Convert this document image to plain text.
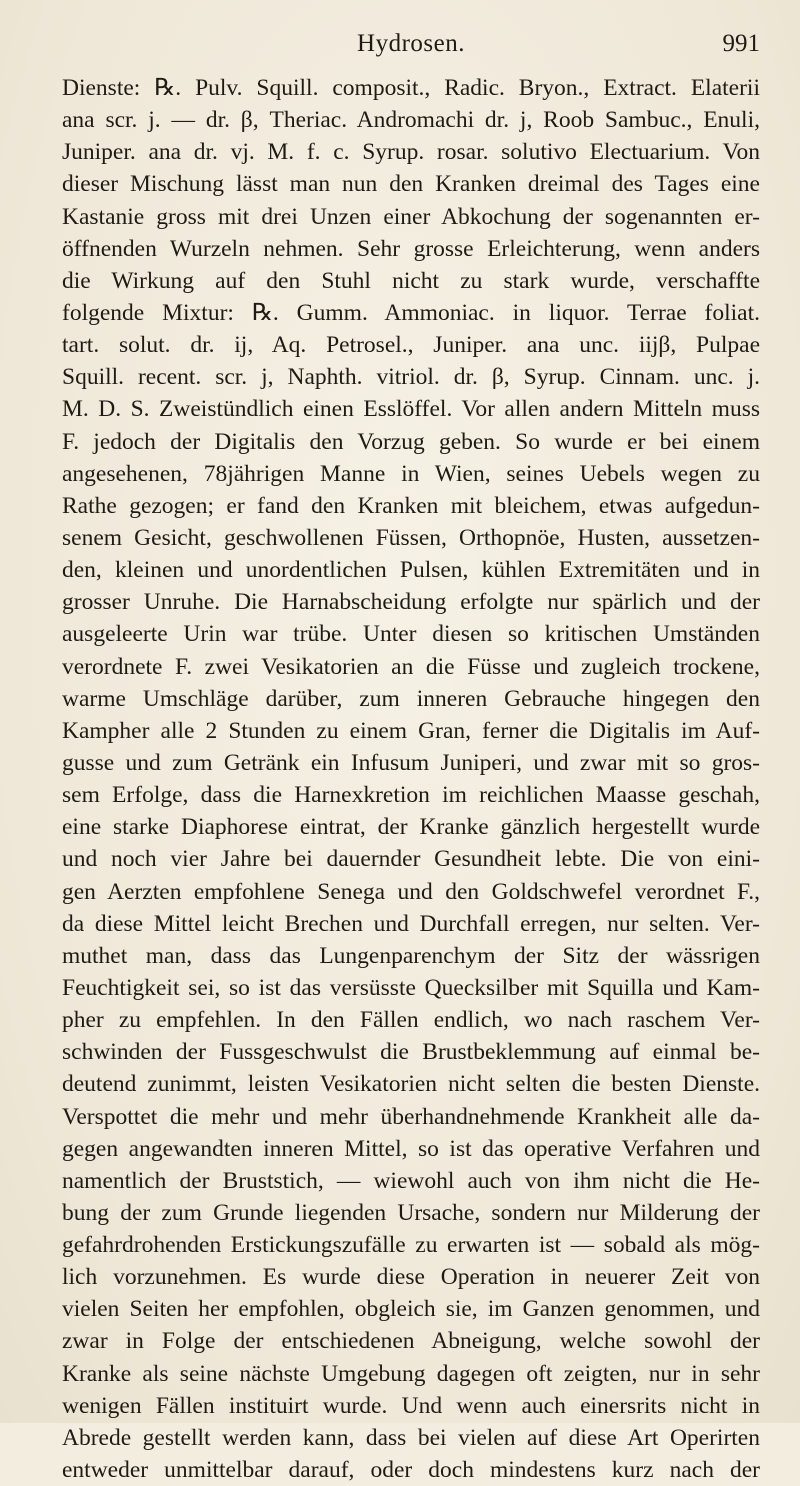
Hydrosen.	991
Dienste: ℞. Pulv. Squill. composit., Radic. Bryon., Extract. Elaterii
ana scr. j. — dr. β, Theriac. Andromachi dr. j, Roob Sambuc., Enuli,
Juniper. ana dr. vj. M. f. c. Syrup. rosar. solutivo Electuarium. Von
dieser Mischung lässt man nun den Kranken dreimal des Tages eine
Kastanie gross mit drei Unzen einer Abkochung der sogenannten er-
öffnenden Wurzeln nehmen. Sehr grosse Erleichterung, wenn anders
die Wirkung auf den Stuhl nicht zu stark wurde, verschaffte
folgende Mixtur: ℞. Gumm. Ammoniac. in liquor. Terrae foliat.
tart. solut. dr. ij, Aq. Petrosel., Juniper. ana unc. iijβ, Pulpae
Squill. recent. scr. j, Naphth. vitriol. dr. β, Syrup. Cinnam. unc. j.
M. D. S. Zweistündlich einen Esslöffel. Vor allen andern Mitteln muss
F. jedoch der Digitalis den Vorzug geben. So wurde er bei einem
angesehenen, 78jährigen Manne in Wien, seines Uebels wegen zu
Rathe gezogen; er fand den Kranken mit bleichem, etwas aufgedun-
senem Gesicht, geschwollenen Füssen, Orthopnöe, Husten, aussetzen-
den, kleinen und unordentlichen Pulsen, kühlen Extremitäten und in
grosser Unruhe. Die Harnabscheidung erfolgte nur spärlich und der
ausgeleerte Urin war trübe. Unter diesen so kritischen Umständen
verordnete F. zwei Vesikatorien an die Füsse und zugleich trockene,
warme Umschläge darüber, zum inneren Gebrauche hingegen den
Kampher alle 2 Stunden zu einem Gran, ferner die Digitalis im Auf-
gusse und zum Getränk ein Infusum Juniperi, und zwar mit so gros-
sem Erfolge, dass die Harnexkretion im reichlichen Maasse geschah,
eine starke Diaphorese eintrat, der Kranke gänzlich hergestellt wurde
und noch vier Jahre bei dauernder Gesundheit lebte. Die von eini-
gen Aerzten empfohlene Senega und den Goldschwefel verordnet F.,
da diese Mittel leicht Brechen und Durchfall erregen, nur selten. Ver-
muthet man, dass das Lungenparenchym der Sitz der wässrigen
Feuchtigkeit sei, so ist das versüsste Quecksilber mit Squilla und Kam-
pher zu empfehlen. In den Fällen endlich, wo nach raschem Ver-
schwinden der Fussgeschwulst die Brustbeklemmung auf einmal be-
deutend zunimmt, leisten Vesikatorien nicht selten die besten Dienste.
Verspottet die mehr und mehr überhandnehmende Krankheit alle da-
gegen angewandten inneren Mittel, so ist das operative Verfahren und
namentlich der Bruststich, — wiewohl auch von ihm nicht die He-
bung der zum Grunde liegenden Ursache, sondern nur Milderung der
gefahrdrohenden Erstickungszufälle zu erwarten ist — sobald als mög-
lich vorzunehmen. Es wurde diese Operation in neuerer Zeit von
vielen Seiten her empfohlen, obgleich sie, im Ganzen genommen, und
zwar in Folge der entschiedenen Abneigung, welche sowohl der
Kranke als seine nächste Umgebung dagegen oft zeigten, nur in sehr
wenigen Fällen instituirt wurde. Und wenn auch einersrits nicht in
Abrede gestellt werden kann, dass bei vielen auf diese Art Operirten
entweder unmittelbar darauf, oder doch mindestens kurz nach der
